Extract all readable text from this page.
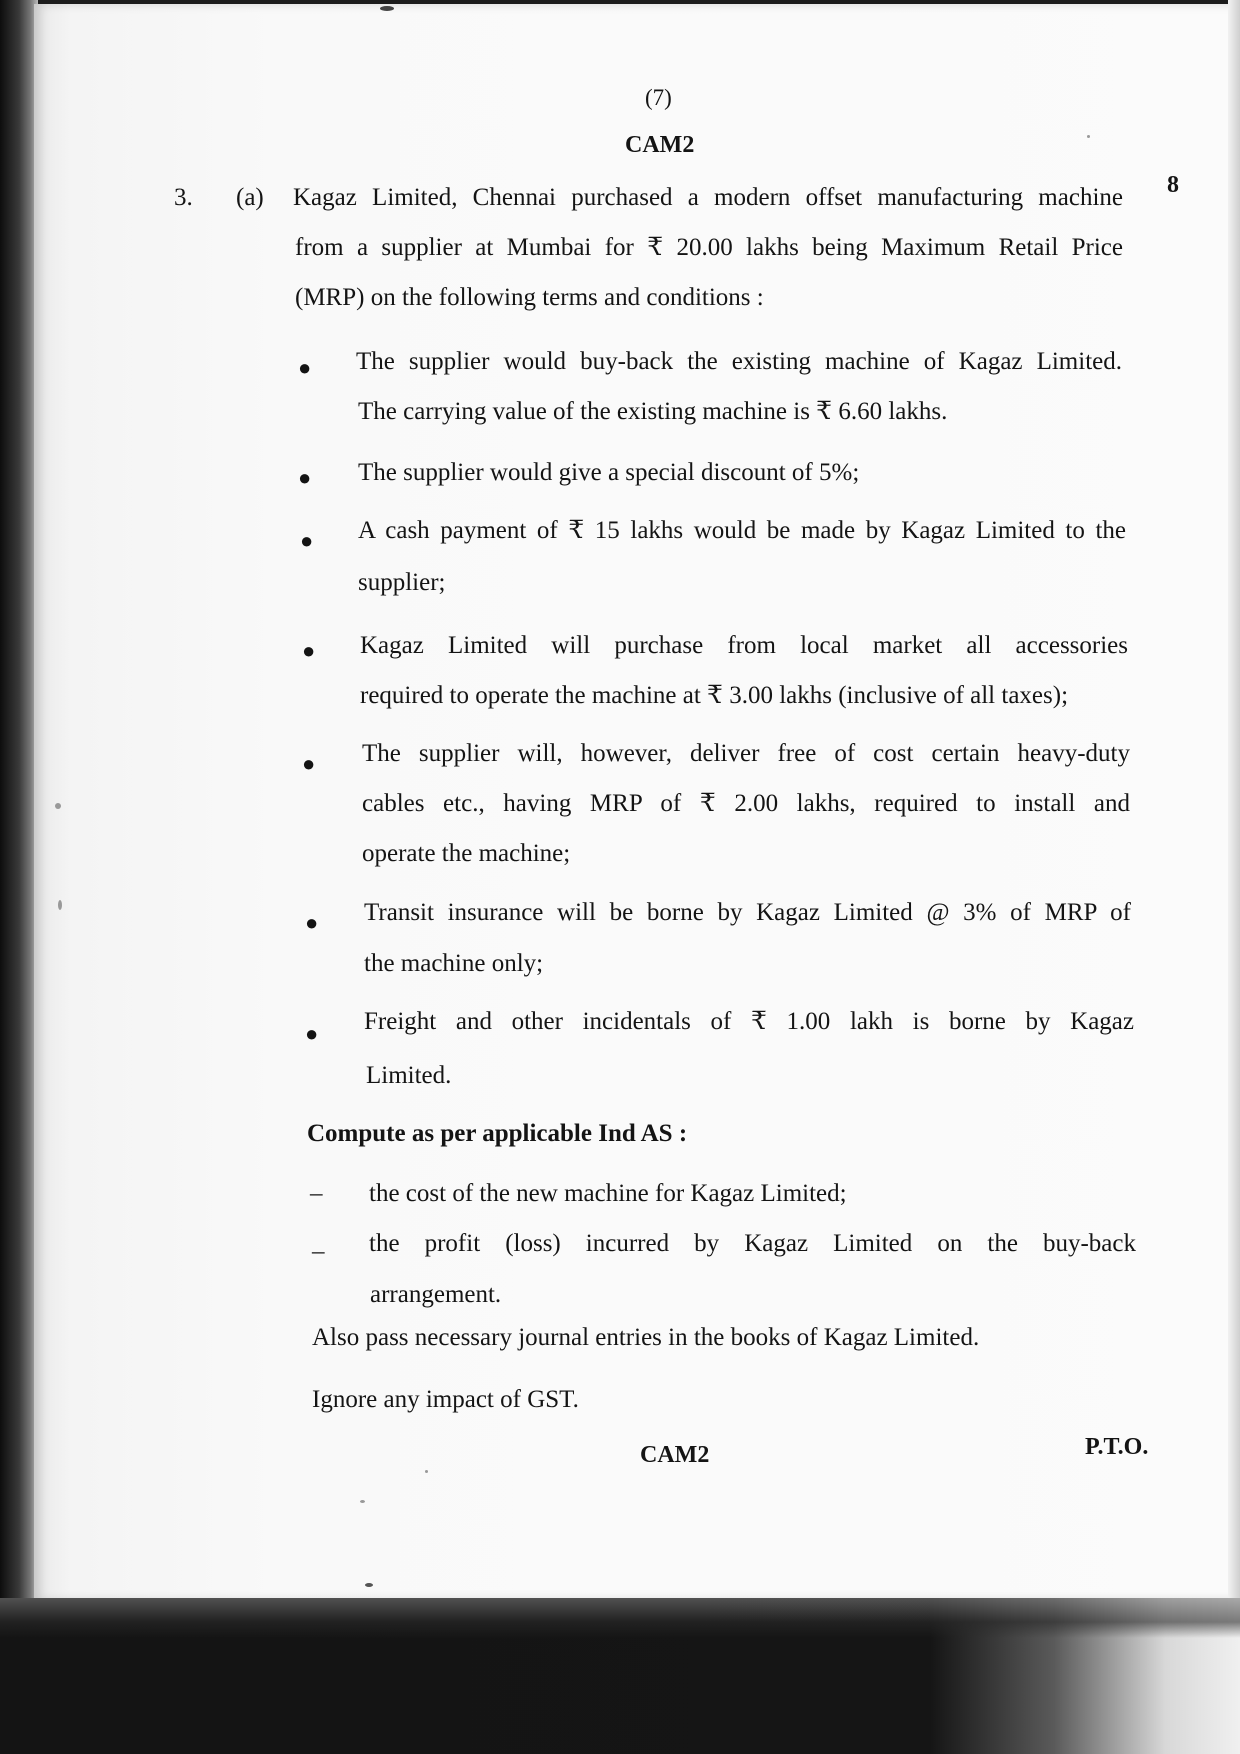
(7)
CAM2
3. (a)	8
Kagaz Limited, Chennai purchased a modern offset manufacturing machine
from a supplier at Mumbai for ₹ 20.00 lakhs being Maximum Retail Price
(MRP) on the following terms and conditions :
● The supplier would buy-back the existing machine of Kagaz Limited.
The carrying value of the existing machine is ₹ 6.60 lakhs.
● The supplier would give a special discount of 5%;
● A cash payment of ₹ 15 lakhs would be made by Kagaz Limited to the
supplier;
● Kagaz Limited will purchase from local market all accessories
required to operate the machine at ₹ 3.00 lakhs (inclusive of all taxes);
● The supplier will, however, deliver free of cost certain heavy-duty
cables etc., having MRP of ₹ 2.00 lakhs, required to install and
operate the machine;
● Transit insurance will be borne by Kagaz Limited @ 3% of MRP of
the machine only;
● Freight and other incidentals of ₹ 1.00 lakh is borne by Kagaz
Limited.
Compute as per applicable Ind AS :
– the cost of the new machine for Kagaz Limited;
– the profit (loss) incurred by Kagaz Limited on the buy-back
arrangement.
Also pass necessary journal entries in the books of Kagaz Limited.
Ignore any impact of GST.
CAM2	P.T.O.
